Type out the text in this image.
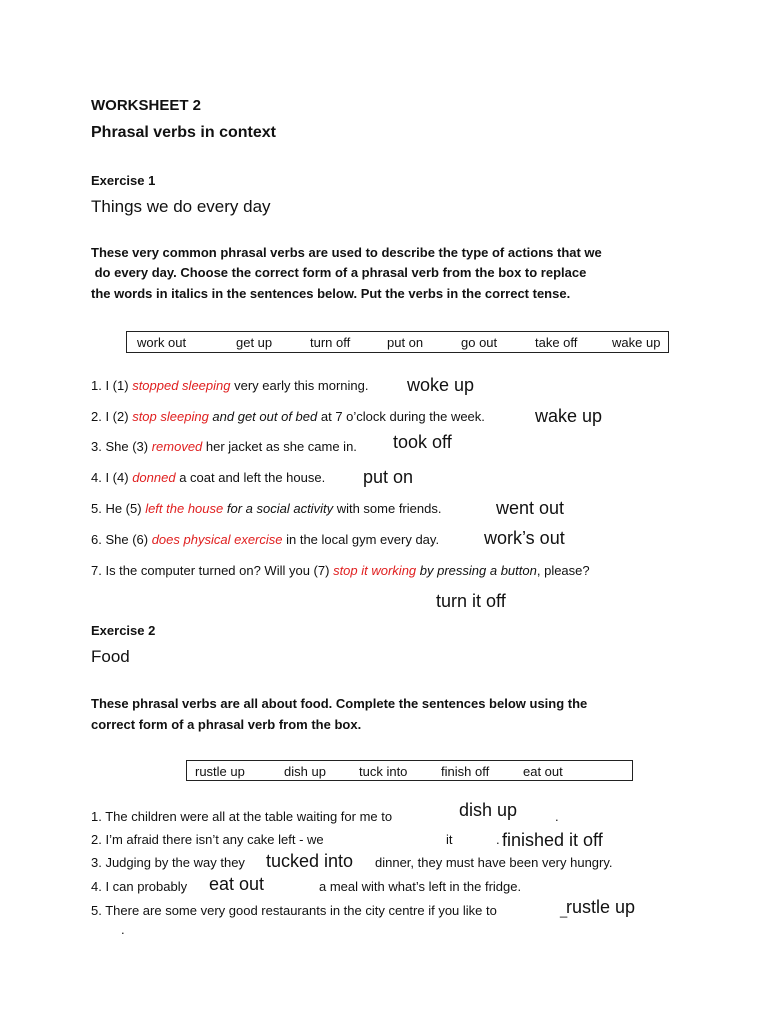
WORKSHEET 2
Phrasal verbs in context
Exercise 1
Things we do every day
These very common phrasal verbs are used to describe the type of actions that we
do every day. Choose the correct form of a phrasal verb from the box to replace
the words in italics in the sentences below. Put the verbs in the correct tense.
work out	get up	turn off	put on	go out	take off	wake up
1. I (1) stopped sleeping very early this morning. woke up
2. I (2) stop sleeping and get out of bed at 7 o’clock during the week.	wake up
3. She (3) removed her jacket as she came in. took off
4. I (4) donned a coat and left the house. put on
5. He (5) left the house for a social activity with some friends.	went out
6. She (6) does physical exercise in the local gym every day. work’s out
7. Is the computer turned on? Will you (7) stop it working by pressing a button, please?
turn it off
Exercise 2
Food
These phrasal verbs are all about food. Complete the sentences below using the
correct form of a phrasal verb from the box.
rustle up	dish up	tuck into	finish off	eat out
1. The children were all at the table waiting for me to	.
dish up
2. I’m afraid there isn’t any cake left - we	it	. finished it off
3. Judging by the way they tucked into dinner, they must have been very hungry.
4. I can probably eat out	a meal with what’s left in the fridge.
5. There are some very good restaurants in the city centre if you like to	_
rustle up
.
